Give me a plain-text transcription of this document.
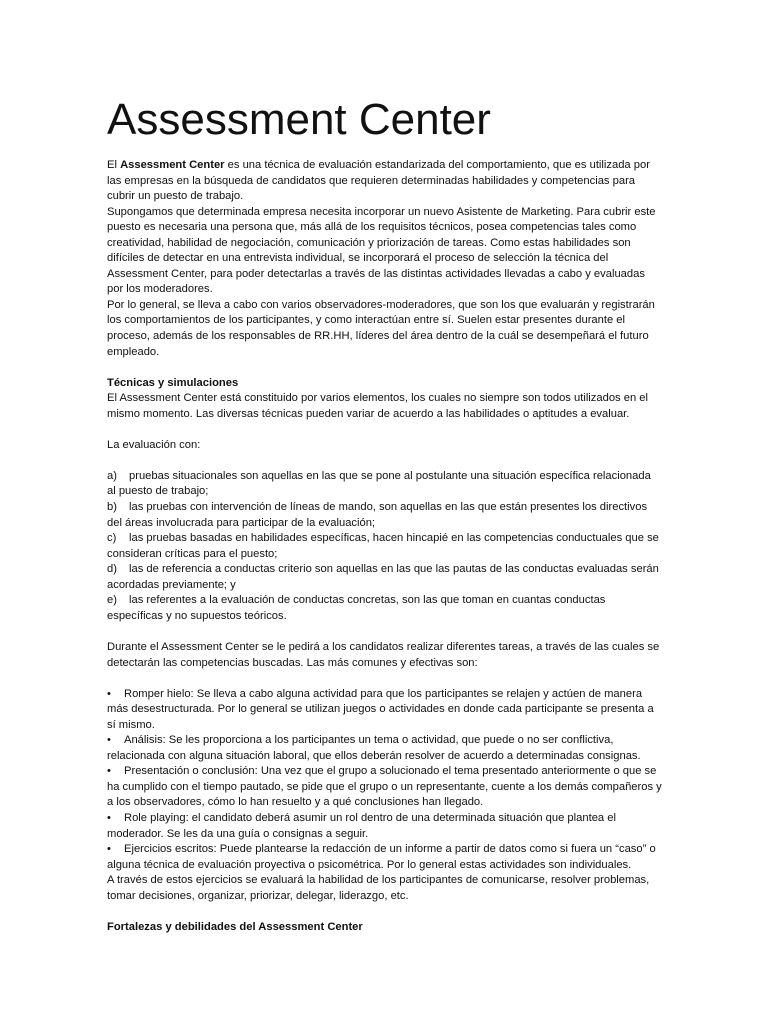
Assessment Center

El Assessment Center es una técnica de evaluación estandarizada del comportamiento, que es utilizada por las empresas en la búsqueda de candidatos que requieren determinadas habilidades y competencias para cubrir un puesto de trabajo.

Supongamos que determinada empresa necesita incorporar un nuevo Asistente de Marketing. Para cubrir este puesto es necesaria una persona que, más allá de los requisitos técnicos, posea competencias tales como creatividad, habilidad de negociación, comunicación y priorización de tareas. Como estas habilidades son difíciles de detectar en una entrevista individual, se incorporará el proceso de selección la técnica del Assessment Center, para poder detectarlas a través de las distintas actividades llevadas a cabo y evaluadas por los moderadores.

Por lo general, se lleva a cabo con varios observadores-moderadores, que son los que evaluarán y registrarán los comportamientos de los participantes, y como interactúan entre sí. Suelen estar presentes durante el proceso, además de los responsables de RR.HH, líderes del área dentro de la cuál se desempeñará el futuro empleado.

Técnicas y simulaciones

El Assessment Center está constituido por varios elementos, los cuales no siempre son todos utilizados en el mismo momento. Las diversas técnicas pueden variar de acuerdo a las habilidades o aptitudes a evaluar.

La evaluación con:

a) pruebas situacionales son aquellas en las que se pone al postulante una situación específica relacionada al puesto de trabajo;

b) las pruebas con intervención de líneas de mando, son aquellas en las que están presentes los directivos del áreas involucrada para participar de la evaluación;

c) las pruebas basadas en habilidades específicas, hacen hincapié en las competencias conductuales que se consideran críticas para el puesto;

d) las de referencia a conductas criterio son aquellas en las que las pautas de las conductas evaluadas serán acordadas previamente; y

e) las referentes a la evaluación de conductas concretas, son las que toman en cuantas conductas específicas y no supuestos teóricos.

Durante el Assessment Center se le pedirá a los candidatos realizar diferentes tareas, a través de las cuales se detectarán las competencias buscadas. Las más comunes y efectivas son:

• Romper hielo: Se lleva a cabo alguna actividad para que los participantes se relajen y actúen de manera más desestructurada. Por lo general se utilizan juegos o actividades en donde cada participante se presenta a sí mismo.

• Análisis: Se les proporciona a los participantes un tema o actividad, que puede o no ser conflictiva, relacionada con alguna situación laboral, que ellos deberán resolver de acuerdo a determinadas consignas.

• Presentación o conclusión: Una vez que el grupo a solucionado el tema presentado anteriormente o que se ha cumplido con el tiempo pautado, se pide que el grupo o un representante, cuente a los demás compañeros y a los observadores, cómo lo han resuelto y a qué conclusiones han llegado.

• Role playing: el candidato deberá asumir un rol dentro de una determinada situación que plantea el moderador. Se les da una guía o consignas a seguir.

• Ejercicios escritos: Puede plantearse la redacción de un informe a partir de datos como si fuera un “caso” o alguna técnica de evaluación proyectiva o psicométrica. Por lo general estas actividades son individuales.

A través de estos ejercicios se evaluará la habilidad de los participantes de comunicarse, resolver problemas, tomar decisiones, organizar, priorizar, delegar, liderazgo, etc.

Fortalezas y debilidades del Assessment Center
